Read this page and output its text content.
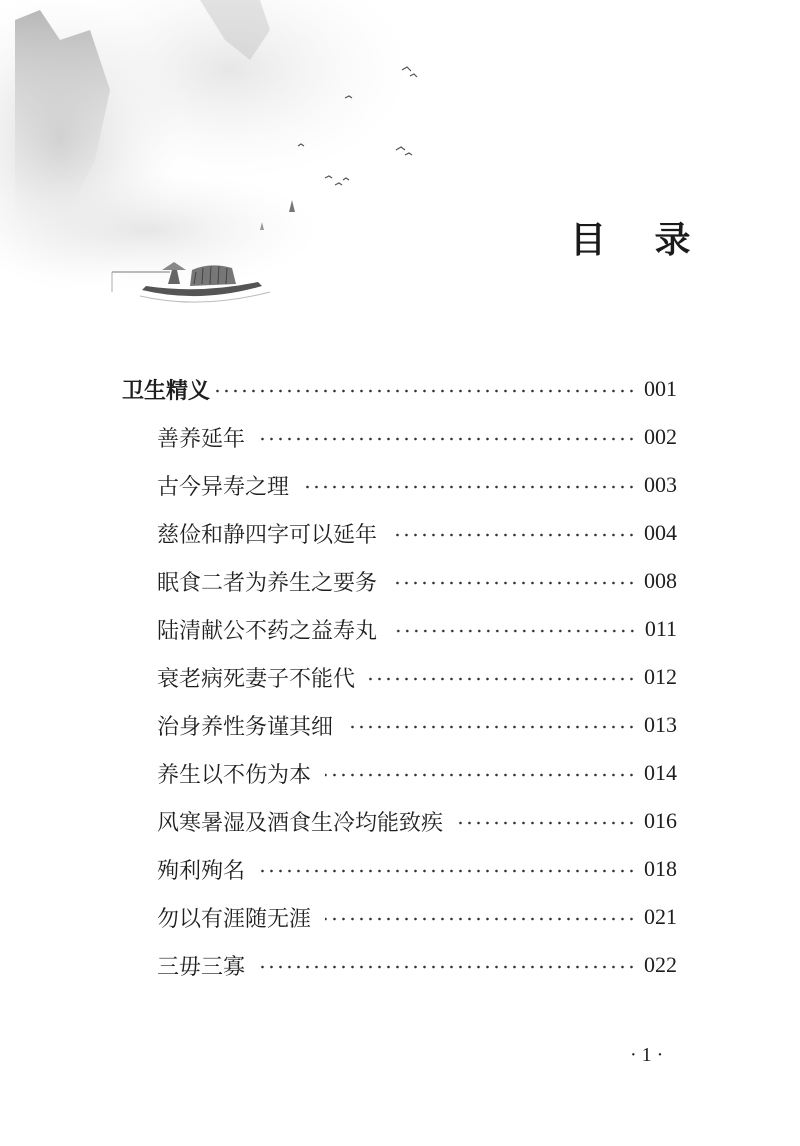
目 录
卫生精义	001
善养延年	002
古今异寿之理	003
慈俭和静四字可以延年	004
眠食二者为养生之要务	008
陆清献公不药之益寿丸	011
衰老病死妻子不能代	012
治身养性务谨其细	013
养生以不伤为本	014
风寒暑湿及酒食生冷均能致疾	016
殉利殉名	018
勿以有涯随无涯	021
三毋三寡	022
· 1 ·
